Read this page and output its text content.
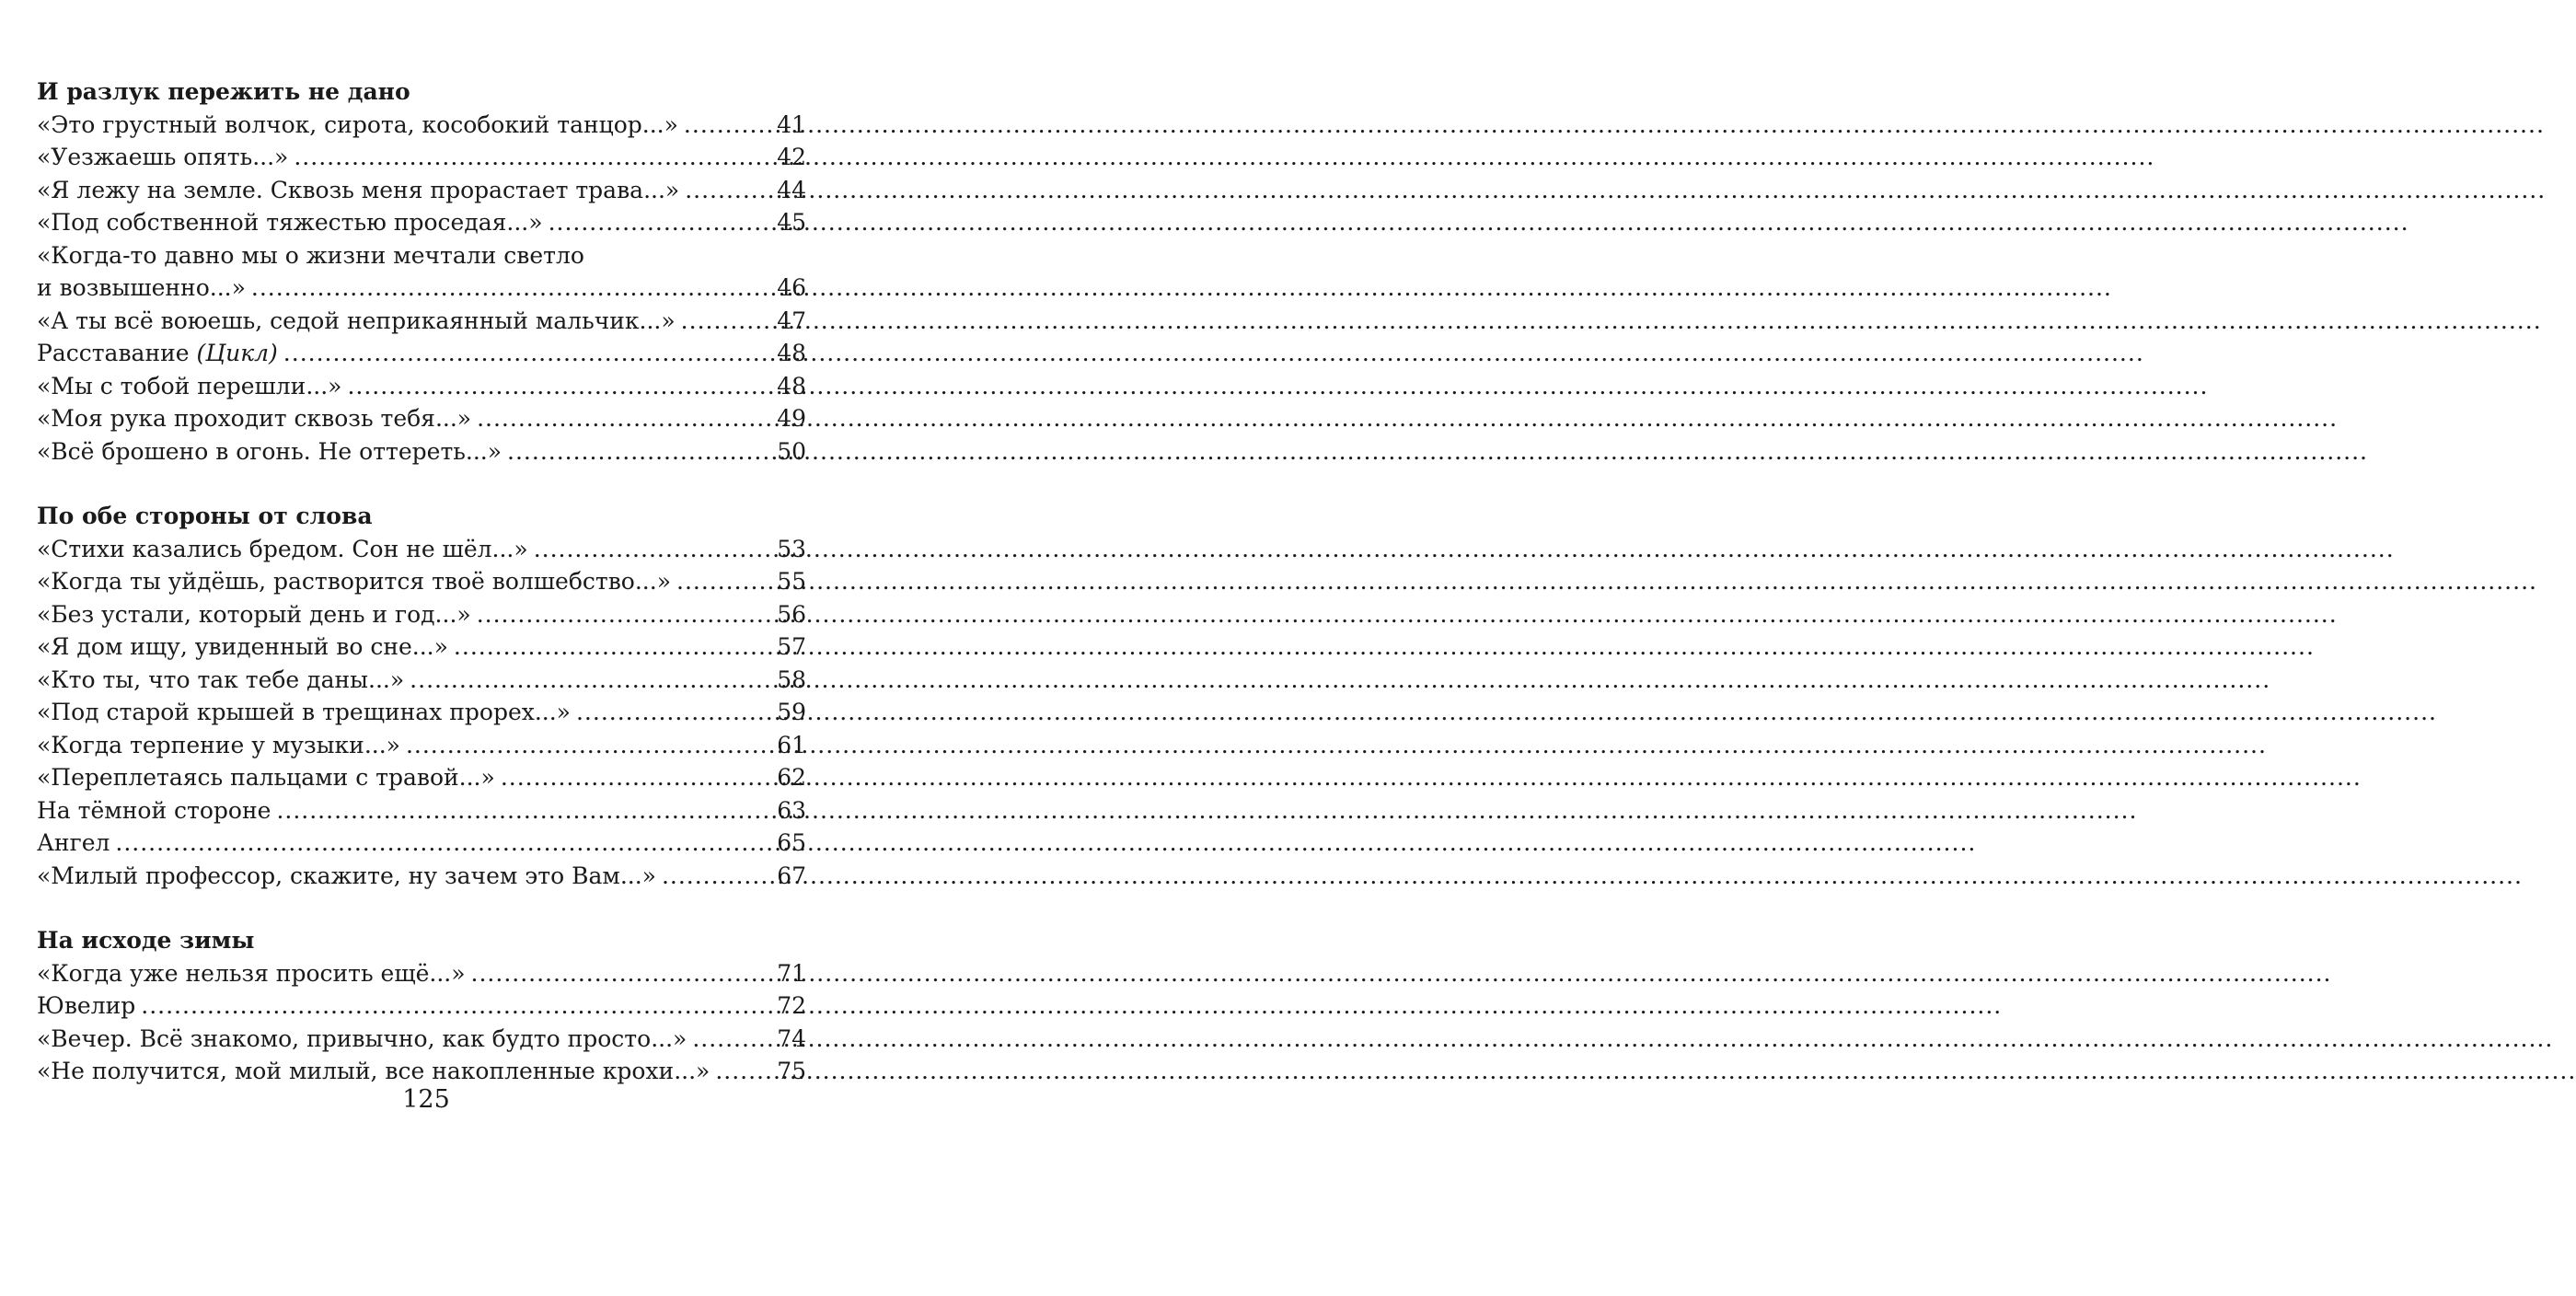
И разлук пережить не дано
«Это грустный волчок, сирота, кособокий танцор...» .....	41
«Уезжаешь опять...» .....	42
«Я лежу на земле. Сквозь меня прорастает трава...» .....	44
«Под собственной тяжестью проседая...» .....	45
«Когда-то давно мы о жизни мечтали светло
и возвышенно...» .....	46
«А ты всё воюешь, седой неприкаянный мальчик...» .....	47
Расставание (Цикл) .....	48
«Мы с тобой перешли...» .....	48
«Моя рука проходит сквозь тебя...» .....	49
«Всё брошено в огонь. Не оттереть...» .....	50
По обе стороны от слова
«Стихи казались бредом. Сон не шёл...» .....	53
«Когда ты уйдёшь, растворится твоё волшебство...» .....	55
«Без устали, который день и год...» .....	56
«Я дом ищу, увиденный во сне...» .....	57
«Кто ты, что так тебе даны...» .....	58
«Под старой крышей в трещинах прорех...» .....	59
«Когда терпение у музыки...» .....	61
«Переплетаясь пальцами с травой...» .....	62
На тёмной стороне .....	63
Ангел .....	65
«Милый профессор, скажите, ну зачем это Вам...» .....	67
На исходе зимы
«Когда уже нельзя просить ещё...» .....	71
Ювелир .....	72
«Вечер. Всё знакомо, привычно, как будто просто...» .....	74
«Не получится, мой милый, все накопленные крохи...» .....	75
125
